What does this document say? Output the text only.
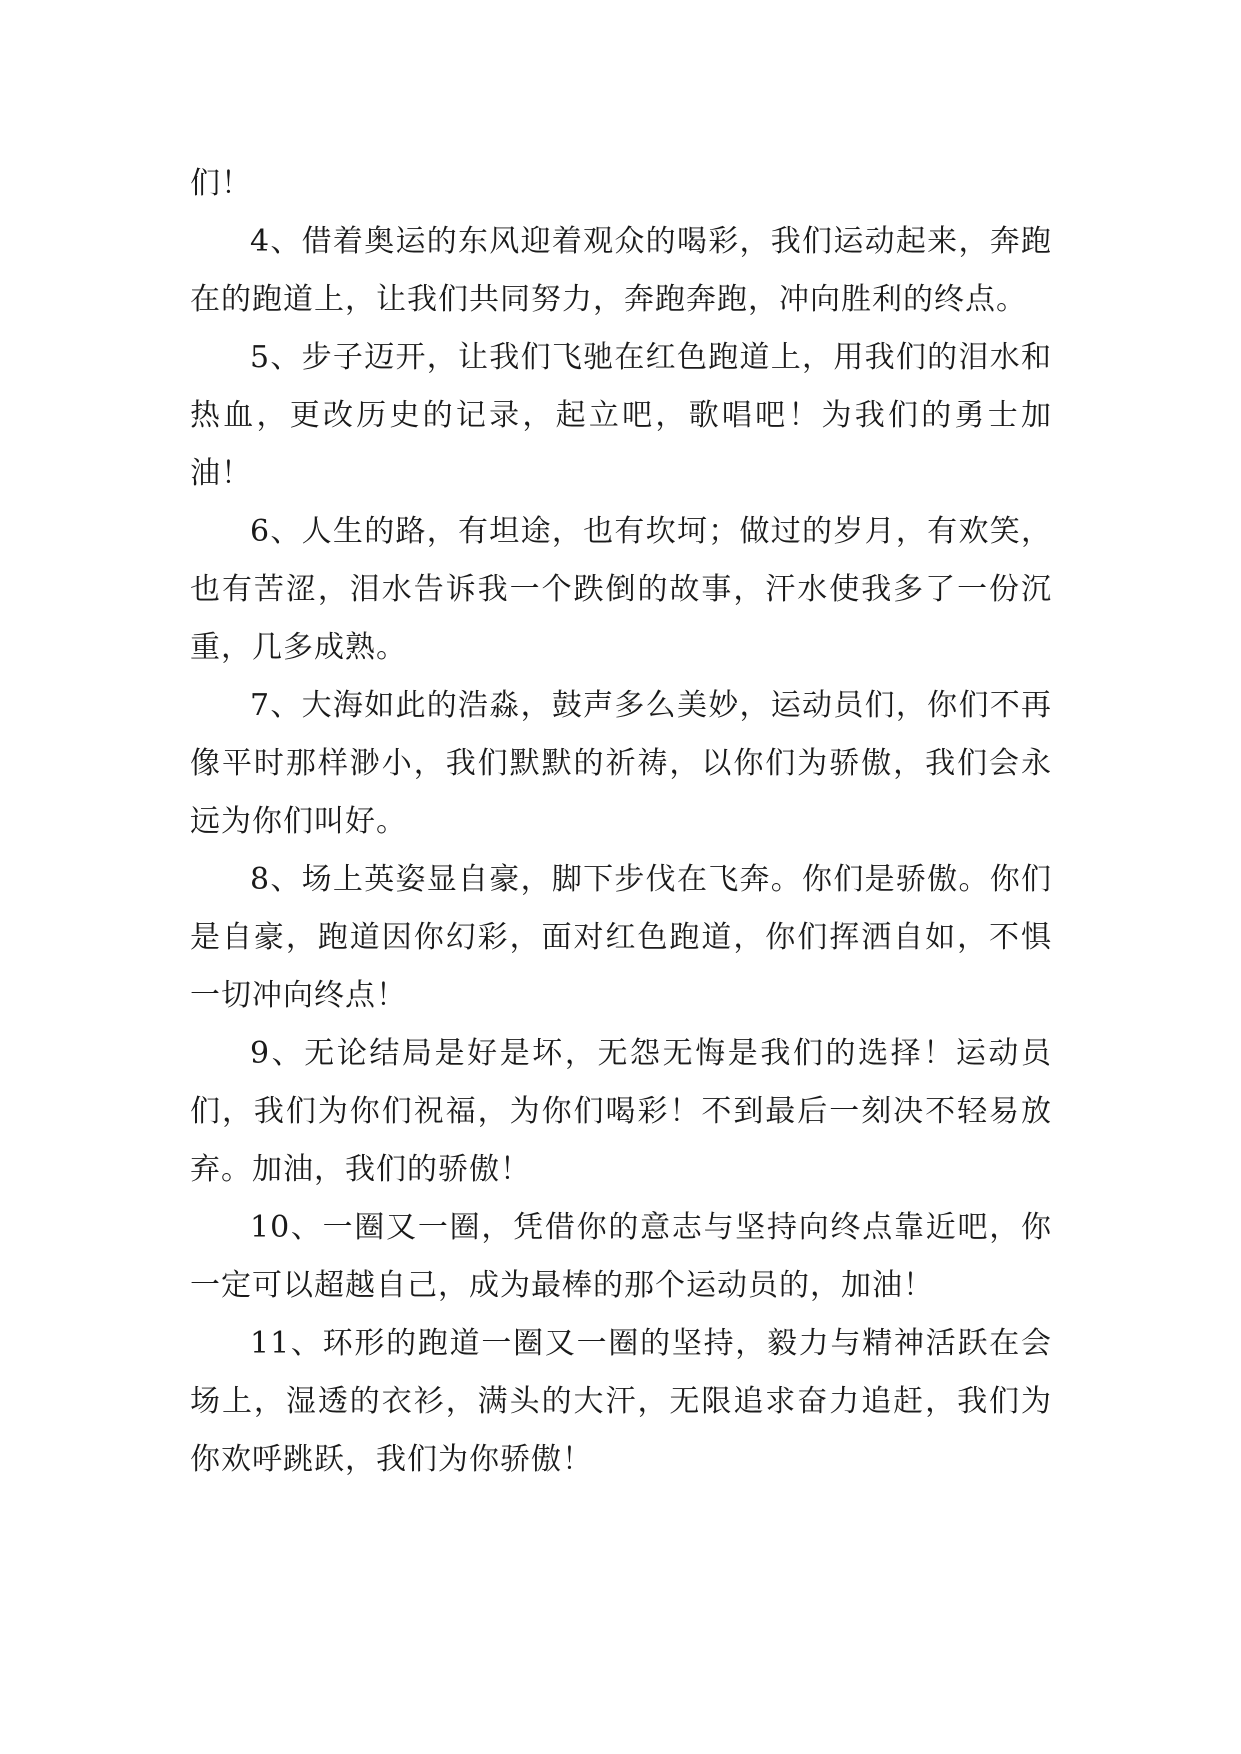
们！

4、借着奥运的东风迎着观众的喝彩，我们运动起来，奔跑在的跑道上，让我们共同努力，奔跑奔跑，冲向胜利的终点。

5、步子迈开，让我们飞驰在红色跑道上，用我们的泪水和热血，更改历史的记录，起立吧，歌唱吧！为我们的勇士加油！

6、人生的路，有坦途，也有坎坷；做过的岁月，有欢笑，也有苦涩，泪水告诉我一个跌倒的故事，汗水使我多了一份沉重，几多成熟。

7、大海如此的浩淼，鼓声多么美妙，运动员们，你们不再像平时那样渺小，我们默默的祈祷，以你们为骄傲，我们会永远为你们叫好。

8、场上英姿显自豪，脚下步伐在飞奔。你们是骄傲。你们是自豪，跑道因你幻彩，面对红色跑道，你们挥洒自如，不惧一切冲向终点！

9、无论结局是好是坏，无怨无悔是我们的选择！运动员们，我们为你们祝福，为你们喝彩！不到最后一刻决不轻易放弃。加油，我们的骄傲！

10、一圈又一圈，凭借你的意志与坚持向终点靠近吧，你一定可以超越自己，成为最棒的那个运动员的，加油！

11、环形的跑道一圈又一圈的坚持，毅力与精神活跃在会场上，湿透的衣衫，满头的大汗，无限追求奋力追赶，我们为你欢呼跳跃，我们为你骄傲！
